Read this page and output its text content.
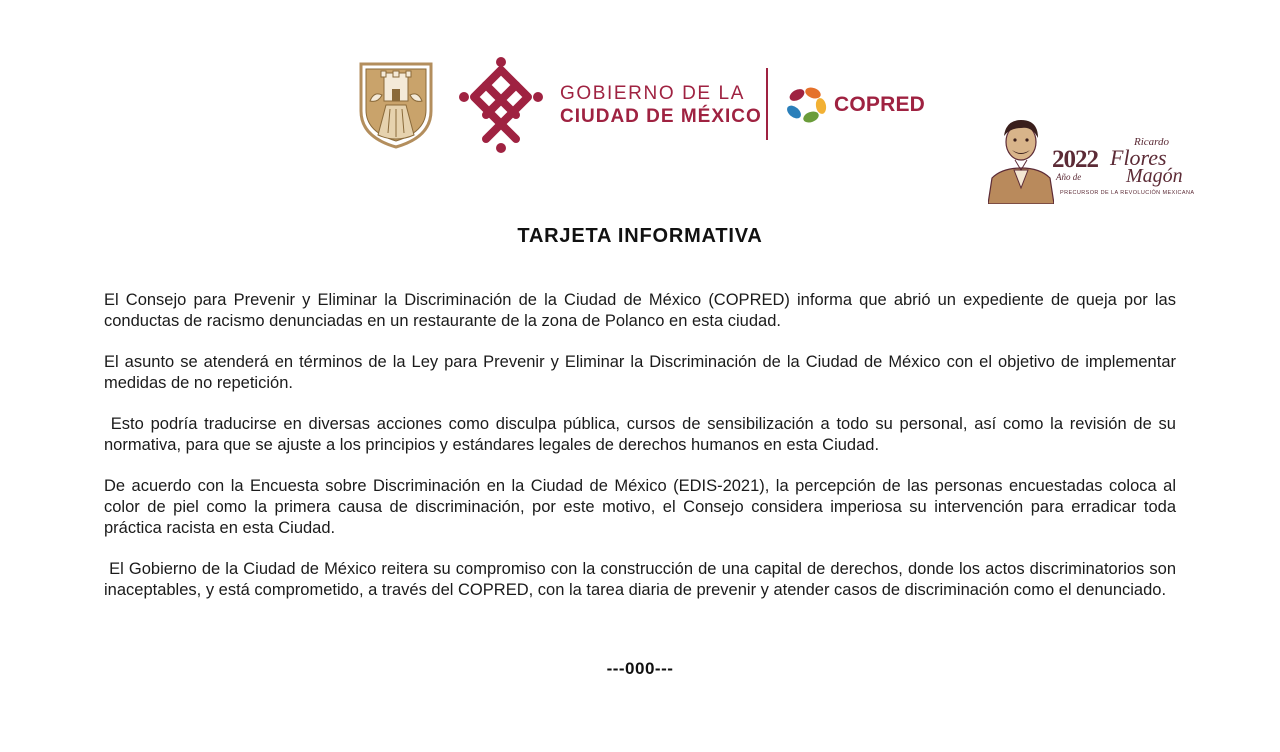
GOBIERNO DE LA
CIUDAD DE MÉXICO
COPRED
2022
Año de
Ricardo
Flores
Magón
PRECURSOR DE LA REVOLUCIÓN MEXICANA
TARJETA INFORMATIVA

El Consejo para Prevenir y Eliminar la Discriminación de la Ciudad de México (COPRED) informa que abrió un expediente de queja por las conductas de racismo denunciadas en un restaurante de la zona de Polanco en esta ciudad.

El asunto se atenderá en términos de la Ley para Prevenir y Eliminar la Discriminación de la Ciudad de México con el objetivo de implementar medidas de no repetición.

Esto podría traducirse en diversas acciones como disculpa pública, cursos de sensibilización a todo su personal, así como la revisión de su normativa, para que se ajuste a los principios y estándares legales de derechos humanos en esta Ciudad.

De acuerdo con la Encuesta sobre Discriminación en la Ciudad de México (EDIS-2021), la percepción de las personas encuestadas coloca al color de piel como la primera causa de discriminación, por este motivo, el Consejo considera imperiosa su intervención para erradicar toda práctica racista en esta Ciudad.

El Gobierno de la Ciudad de México reitera su compromiso con la construcción de una capital de derechos, donde los actos discriminatorios son inaceptables, y está comprometido, a través del COPRED, con la tarea diaria de prevenir y atender casos de discriminación como el denunciado.

---000---
